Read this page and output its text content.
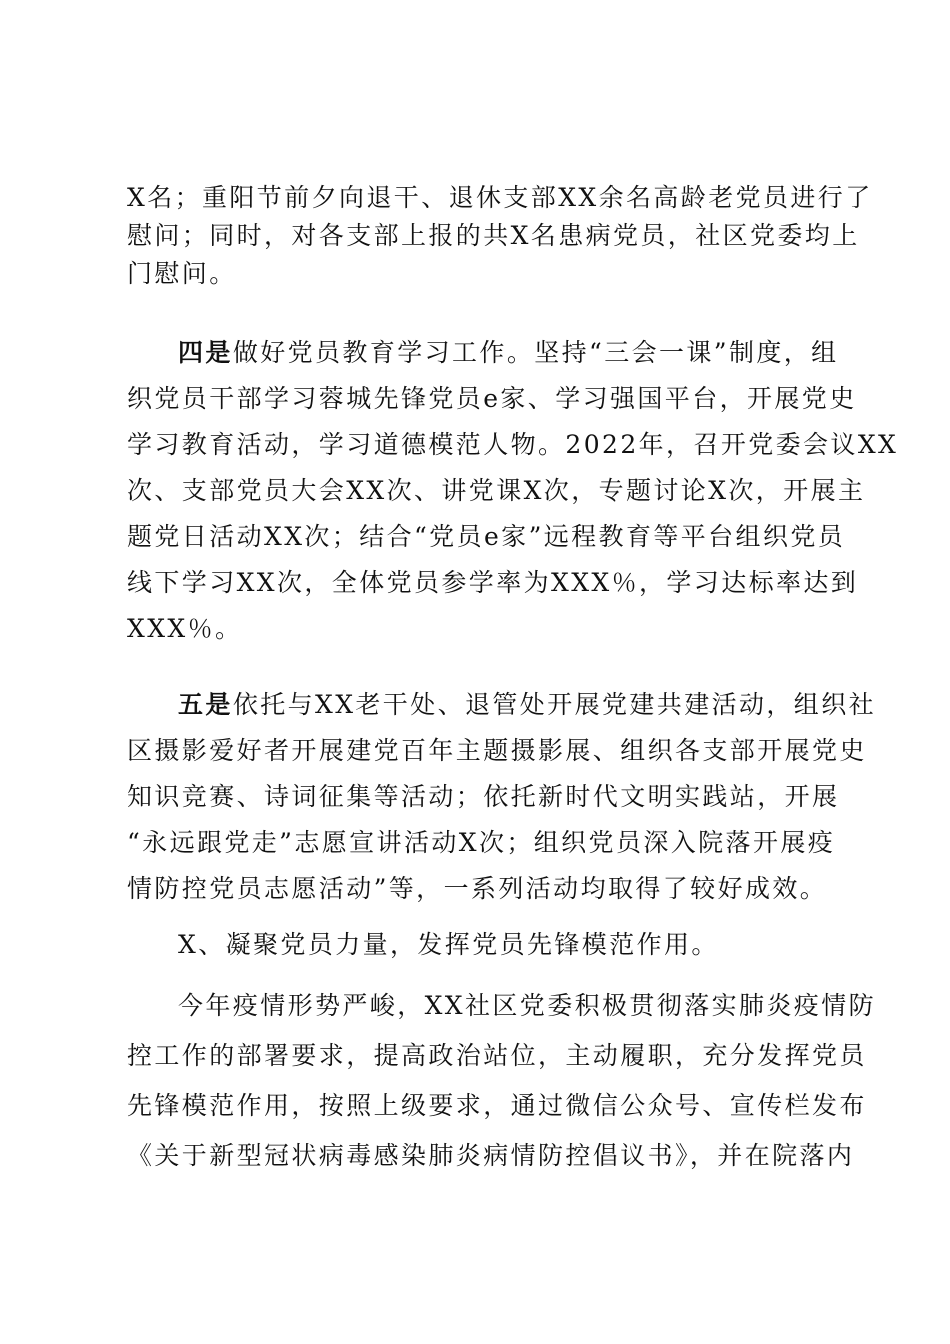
X名；重阳节前夕向退干、退休支部XX余名高龄老党员进行了
慰问；同时，对各支部上报的共X名患病党员，社区党委均上
门慰问。
四是做好党员教育学习工作。坚持“三会一课”制度，组
织党员干部学习蓉城先锋党员e家、学习强国平台，开展党史
学习教育活动，学习道德模范人物。2022年，召开党委会议XX
次、支部党员大会XX次、讲党课X次，专题讨论X次，开展主
题党日活动XX次；结合“党员e家”远程教育等平台组织党员
线下学习XX次，全体党员参学率为XXX％，学习达标率达到
XXX％。
五是依托与XX老干处、退管处开展党建共建活动，组织社
区摄影爱好者开展建党百年主题摄影展、组织各支部开展党史
知识竞赛、诗词征集等活动；依托新时代文明实践站，开展
“永远跟党走”志愿宣讲活动X次；组织党员深入院落开展疫
情防控党员志愿活动”等，一系列活动均取得了较好成效。
X、凝聚党员力量，发挥党员先锋模范作用。
今年疫情形势严峻，XX社区党委积极贯彻落实肺炎疫情防
控工作的部署要求，提高政治站位，主动履职，充分发挥党员
先锋模范作用，按照上级要求，通过微信公众号、宣传栏发布
《关于新型冠状病毒感染肺炎病情防控倡议书》，并在院落内
